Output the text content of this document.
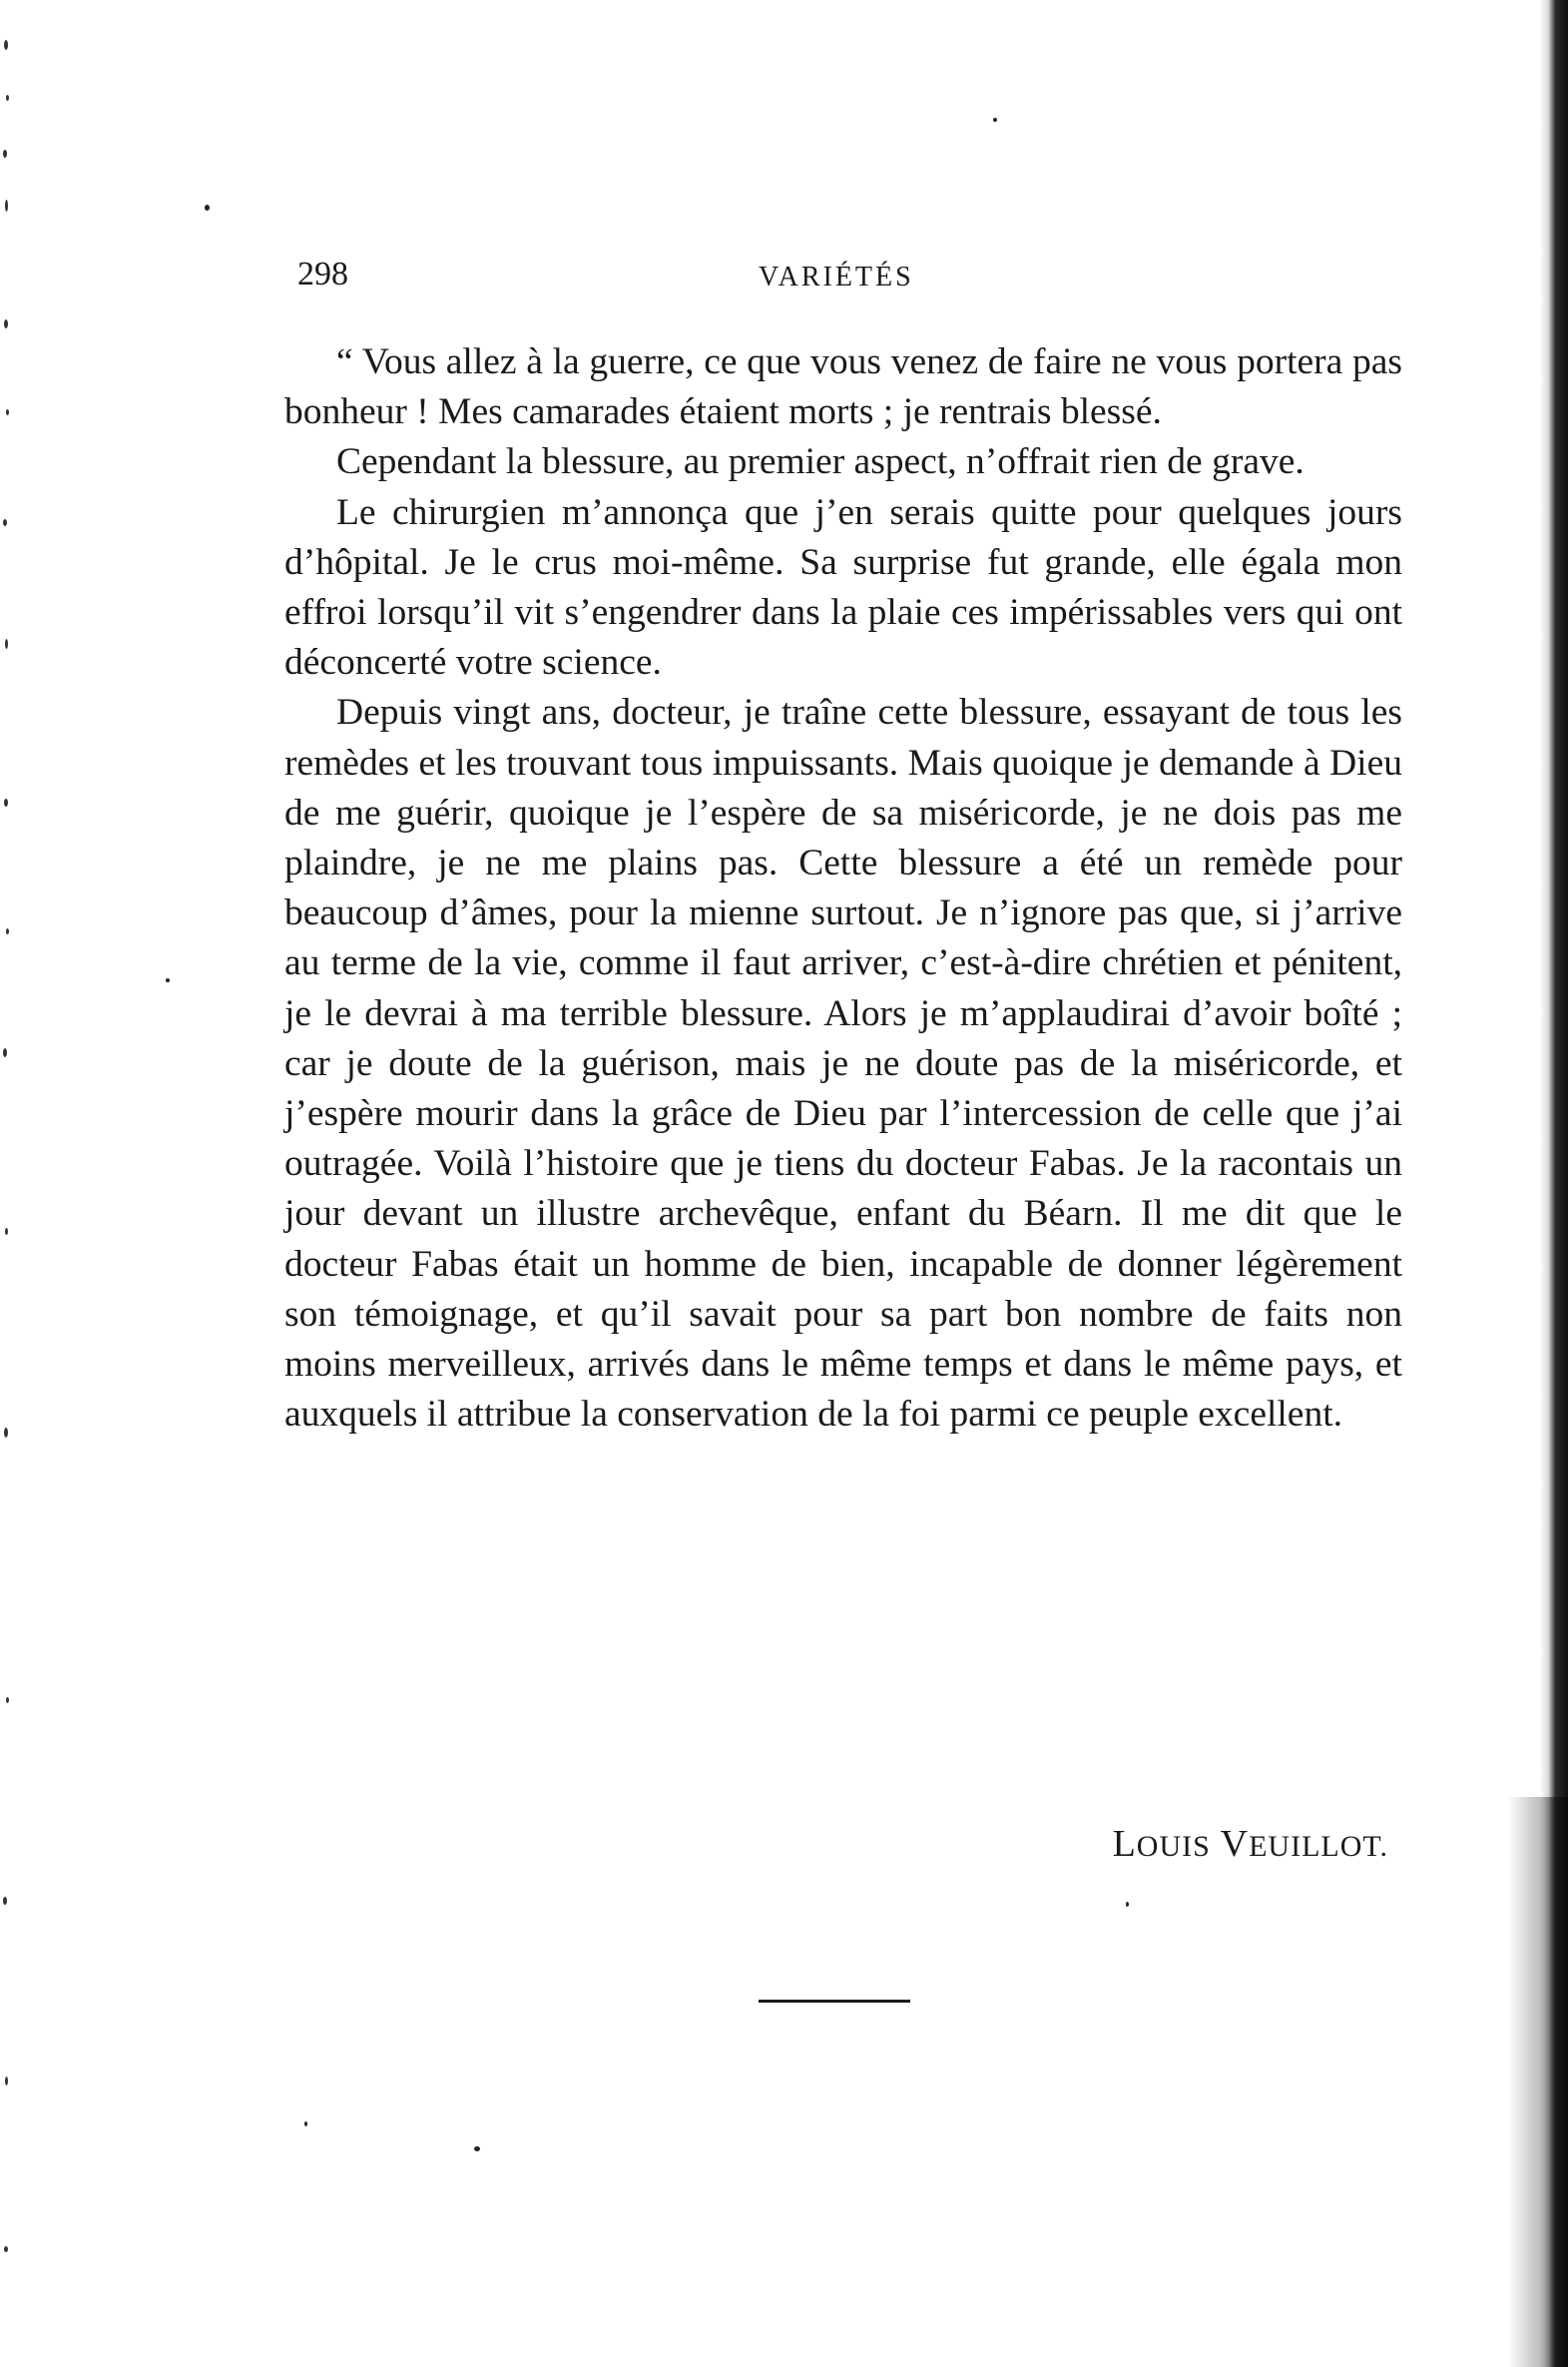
298	VARIÉTÉS

“ Vous allez à la guerre, ce que vous venez de faire ne vous portera pas bonheur ! Mes camarades étaient morts ; je rentrais blessé.

Cependant la blessure, au premier aspect, n’offrait rien de grave.

Le chirurgien m’annonça que j’en serais quitte pour quelques jours d’hôpital. Je le crus moi-même. Sa surprise fut grande, elle égala mon effroi lorsqu’il vit s’engendrer dans la plaie ces impérissables vers qui ont déconcerté votre science.

Depuis vingt ans, docteur, je traîne cette blessure, essayant de tous les remèdes et les trouvant tous impuissants. Mais quoique je demande à Dieu de me guérir, quoique je l’espère de sa miséricorde, je ne dois pas me plaindre, je ne me plains pas. Cette blessure a été un remède pour beaucoup d’âmes, pour la mienne surtout. Je n’ignore pas que, si j’arrive au terme de la vie, comme il faut arriver, c’est-à-dire chrétien et pénitent, je le devrai à ma terrible blessure. Alors je m’applaudirai d’avoir boîté ; car je doute de la guérison, mais je ne doute pas de la miséricorde, et j’espère mourir dans la grâce de Dieu par l’intercession de celle que j’ai outragée. Voilà l’histoire que je tiens du docteur Fabas. Je la racontais un jour devant un illustre archevêque, enfant du Béarn. Il me dit que le docteur Fabas était un homme de bien, incapable de donner légèrement son témoignage, et qu’il savait pour sa part bon nombre de faits non moins merveilleux, arrivés dans le même temps et dans le même pays, et auxquels il attribue la conservation de la foi parmi ce peuple excellent.

LOUIS VEUILLOT.
